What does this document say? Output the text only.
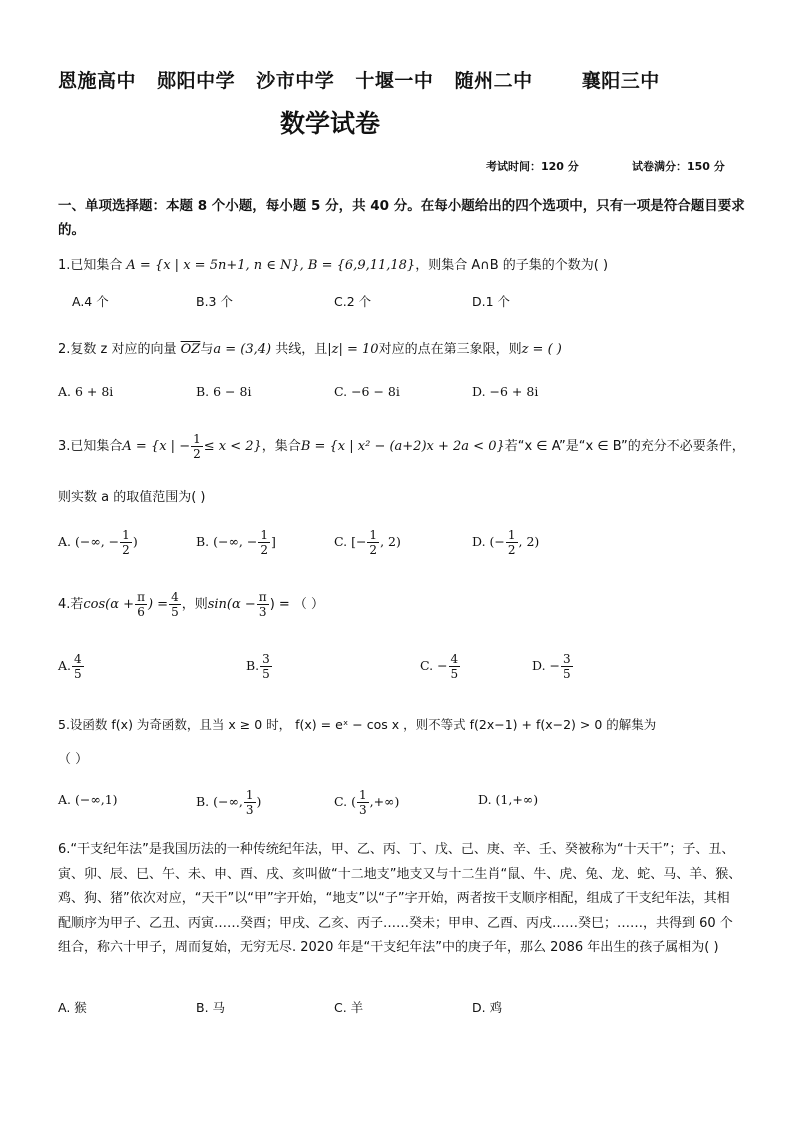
恩施高中 郧阳中学 沙市中学 十堰一中 随州二中	襄阳三中
数学试卷
考试时间：120 分	试卷满分：150 分
一、单项选择题：本题 8 个小题，每小题 5 分，共 40 分。在每小题给出的四个选项中，只有一项是符合题目要求的。
1.已知集合 A = {x | x = 5n+1, n ∈ N}, B = {6,9,11,18}，则集合 A∩B 的子集的个数为( )
A.4 个	B.3 个	C.2 个	D.1 个
2.复数 z 对应的向量 $\overline{OZ}$与a = (3,4) 共线，且|z| = 10对应的点在第三象限，则z = ( )
A. 6 + 8i	B. 6 − 8i	C. −6 − 8i	D. −6 + 8i
3.已知集合A = {x | − $\frac{1}{2} \le x < 2$}，集合B = {x | x² − (a+2)x + 2a < 0}若“x ∈ A”是“x ∈ B”的充分不必要条件，
则实数 a 的取值范围为( )
A. (−∞, − $\frac{1}{2}$ )	B. (−∞, − $\frac{1}{2}$ ]	C. [− $\frac{1}{2}$ , 2)	D. (− $\frac{1}{2}$ , 2)
4.若$\cos(\alpha + \frac{\pi}{6}$ ) = $\frac{4}{5}$ ，则$\sin(\alpha - \frac{\pi}{3}$ ) = （ ）
A. $\frac{4}{5}$	B. $\frac{3}{5}$	C. − $\frac{4}{5}$	D. − $\frac{3}{5}$
5.设函数 f(x) 为奇函数，且当 x ≥ 0 时， f(x) = eˣ − cos x ，则不等式 f(2x−1) + f(x−2) > 0 的解集为
（ ）
A. (−∞,1)	B. (−∞, $\frac{1}{3}$ )	C. ( $\frac{1}{3}$ ,+∞)	D. (1,+∞)
6.“干支纪年法”是我国历法的一种传统纪年法，甲、乙、丙、丁、戊、己、庚、辛、壬、癸被称为“十天干”；子、丑、寅、卯、辰、巳、午、未、申、酉、戌、亥叫做“十二地支”地支又与十二生肖“鼠、牛、虎、兔、龙、蛇、马、羊、猴、鸡、狗、猪”依次对应，“天干”以“甲”字开始，“地支”以“子”字开始，两者按干支顺序相配，组成了干支纪年法，其相配顺序为甲子、乙丑、丙寅……癸酉；甲戌、乙亥、丙子……癸未；甲申、乙酉、丙戌……癸巳；……，共得到 60 个组合，称六十甲子，周而复始，无穷无尽. 2020 年是“干支纪年法”中的庚子年，那么 2086 年出生的孩子属相为( )
A. 猴	B. 马	C. 羊	D. 鸡
